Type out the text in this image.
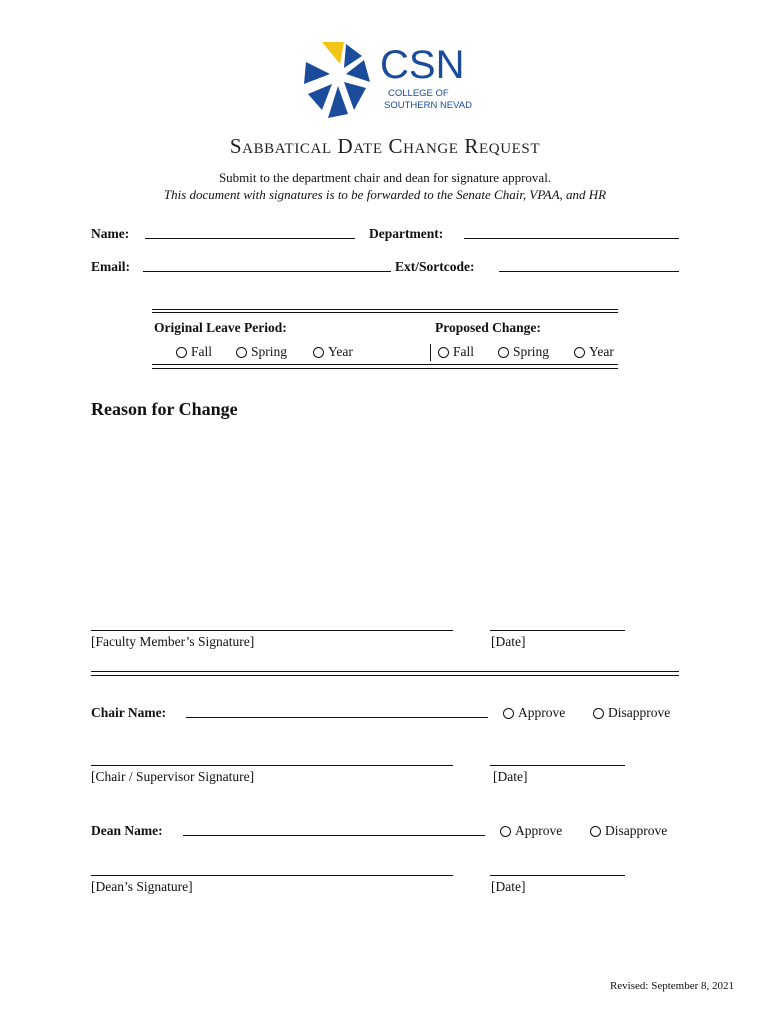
CSN
COLLEGE OF
SOUTHERN NEVADA
Sabbatical Date Change Request
Submit to the department chair and dean for signature approval.
This document with signatures is to be forwarded to the Senate Chair, VPAA, and HR
Name:	Department:
Email:	Ext/Sortcode:
Original Leave Period:	Proposed Change:
Fall	Spring	Year	Fall	Spring	Year
Reason for Change
[Faculty Member’s Signature]	[Date]
Chair Name:	Approve	Disapprove
[Chair / Supervisor Signature]	[Date]
Dean Name:	Approve	Disapprove
[Dean’s Signature]	[Date]
Revised: September 8, 2021
